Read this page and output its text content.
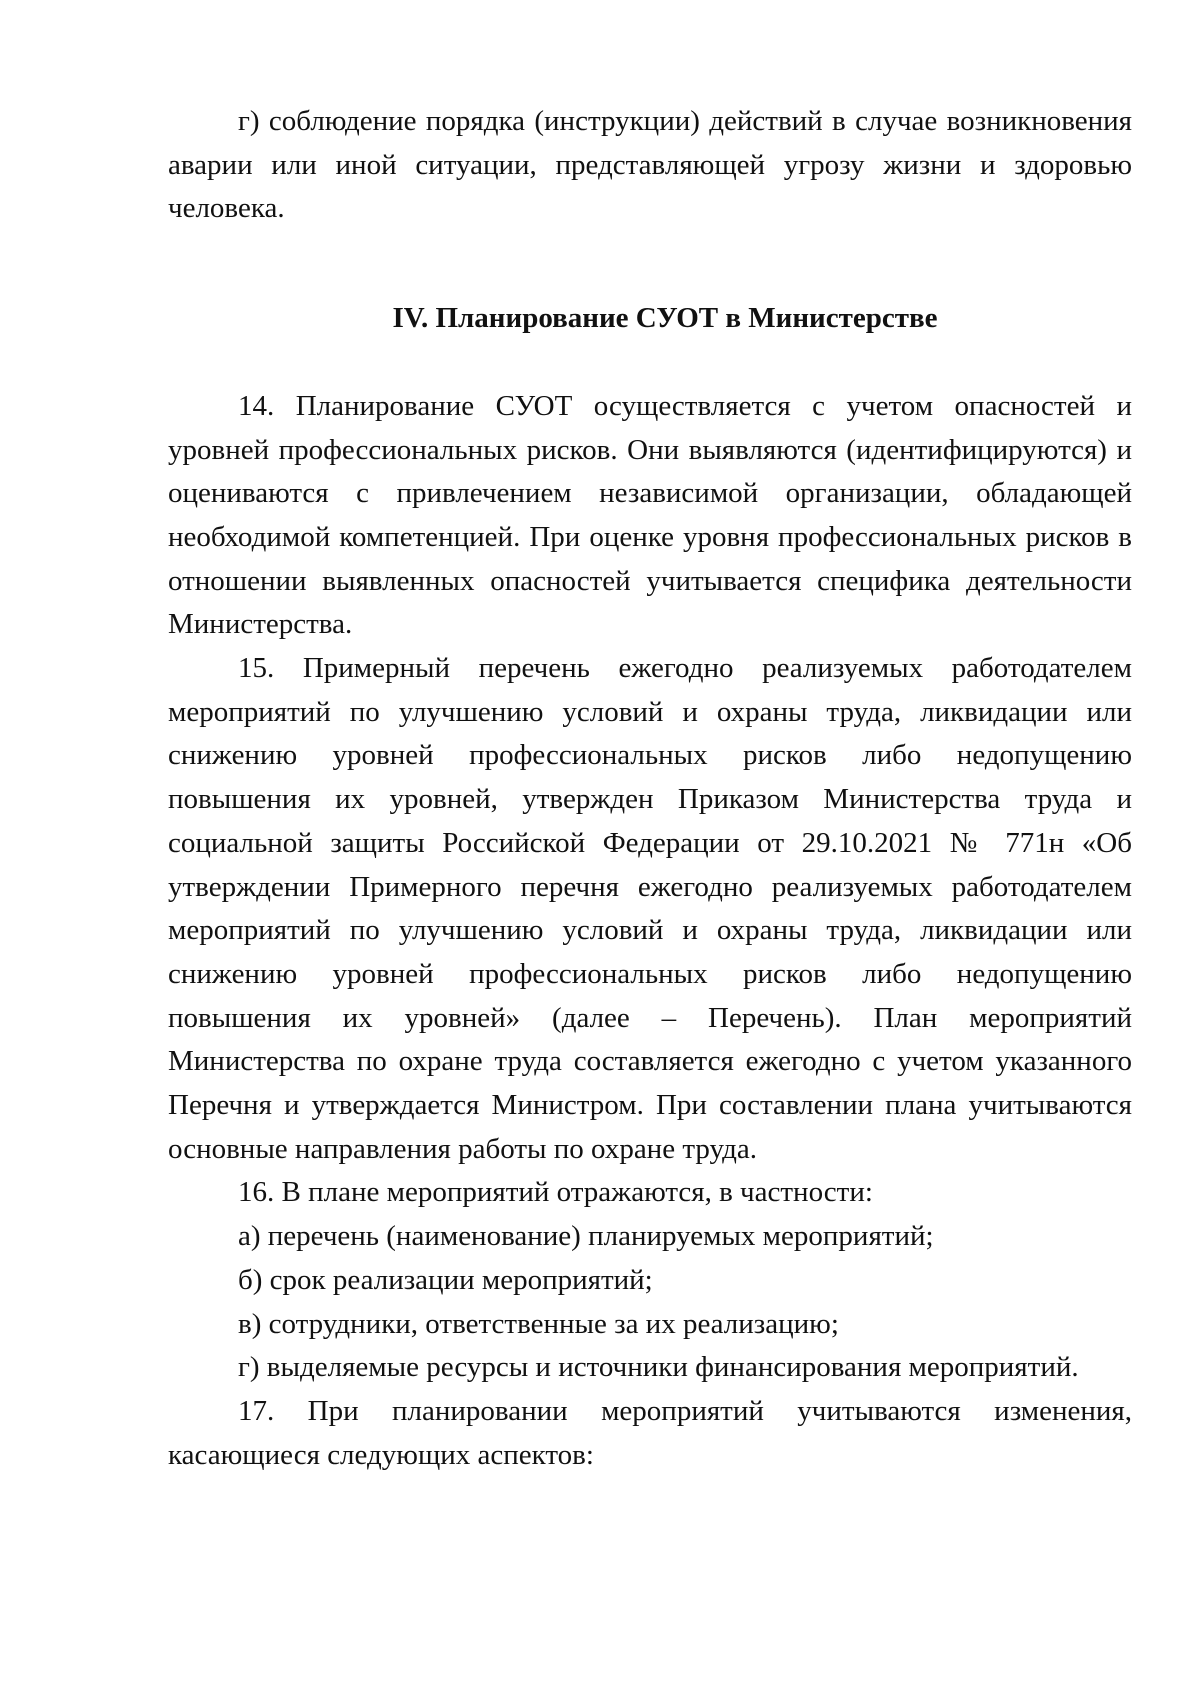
г) соблюдение порядка (инструкции) действий в случае возникновения аварии или иной ситуации, представляющей угрозу жизни и здоровью человека.

IV. Планирование СУОТ в Министерстве

14. Планирование СУОТ осуществляется с учетом опасностей и уровней профессиональных рисков. Они выявляются (идентифицируются) и оцениваются с привлечением независимой организации, обладающей необходимой компетенцией. При оценке уровня профессиональных рисков в отношении выявленных опасностей учитывается специфика деятельности Министерства.

15. Примерный перечень ежегодно реализуемых работодателем мероприятий по улучшению условий и охраны труда, ликвидации или снижению уровней профессиональных рисков либо недопущению повышения их уровней, утвержден Приказом Министерства труда и социальной защиты Российской Федерации от 29.10.2021 № 771н «Об утверждении Примерного перечня ежегодно реализуемых работодателем мероприятий по улучшению условий и охраны труда, ликвидации или снижению уровней профессиональных рисков либо недопущению повышения их уровней» (далее – Перечень). План мероприятий Министерства по охране труда составляется ежегодно с учетом указанного Перечня и утверждается Министром. При составлении плана учитываются основные направления работы по охране труда.

16. В плане мероприятий отражаются, в частности:

а) перечень (наименование) планируемых мероприятий;

б) срок реализации мероприятий;

в) сотрудники, ответственные за их реализацию;

г) выделяемые ресурсы и источники финансирования мероприятий.

17. При планировании мероприятий учитываются изменения, касающиеся следующих аспектов:
